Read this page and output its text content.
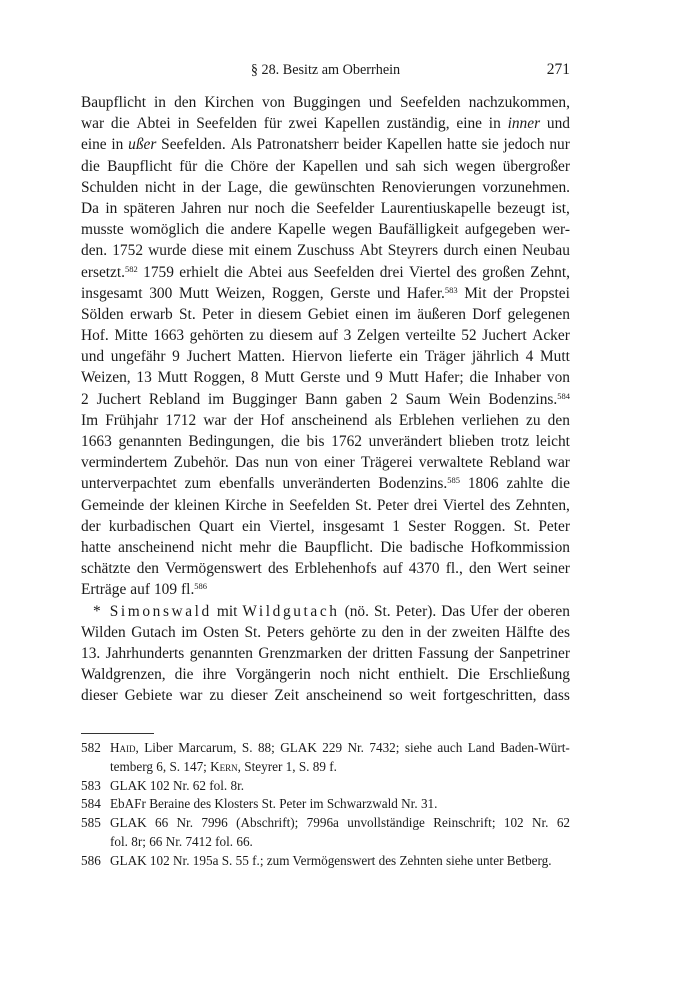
§ 28. Besitz am Oberrhein	271
Baupflicht in den Kirchen von Buggingen und Seefelden nachzukommen,
war die Abtei in Seefelden für zwei Kapellen zuständig, eine in inner und
eine in ußer Seefelden. Als Patronatsherr beider Kapellen hatte sie jedoch nur
die Baupflicht für die Chöre der Kapellen und sah sich wegen übergroßer
Schulden nicht in der Lage, die gewünschten Renovierungen vorzunehmen.
Da in späteren Jahren nur noch die Seefelder Laurentiuskapelle bezeugt ist,
musste womöglich die andere Kapelle wegen Baufälligkeit aufgegeben wer-
den. 1752 wurde diese mit einem Zuschuss Abt Steyrers durch einen Neubau
ersetzt.$^{582}$ 1759 erhielt die Abtei aus Seefelden drei Viertel des großen Zehnt,
insgesamt 300 Mutt Weizen, Roggen, Gerste und Hafer.$^{583}$ Mit der Propstei
Sölden erwarb St. Peter in diesem Gebiet einen im äußeren Dorf gelegenen
Hof. Mitte 1663 gehörten zu diesem auf 3 Zelgen verteilte 52 Juchert Acker
und ungefähr 9 Juchert Matten. Hiervon lieferte ein Träger jährlich 4 Mutt
Weizen, 13 Mutt Roggen, 8 Mutt Gerste und 9 Mutt Hafer; die Inhaber von
2 Juchert Rebland im Bugginger Bann gaben 2 Saum Wein Bodenzins.$^{584}$
Im Frühjahr 1712 war der Hof anscheinend als Erblehen verliehen zu den
1663 genannten Bedingungen, die bis 1762 unverändert blieben trotz leicht
vermindertem Zubehör. Das nun von einer Trägerei verwaltete Rebland war
unterverpachtet zum ebenfalls unveränderten Bodenzins.$^{585}$ 1806 zahlte die
Gemeinde der kleinen Kirche in Seefelden St. Peter drei Viertel des Zehnten,
der kurbadischen Quart ein Viertel, insgesamt 1 Sester Roggen. St. Peter
hatte anscheinend nicht mehr die Baupflicht. Die badische Hofkommission
schätzte den Vermögenswert des Erblehenhofs auf 4370 fl., den Wert seiner
Erträge auf 109 fl.$^{586}$
* Simonswald mit Wildgutach (nö. St. Peter). Das Ufer der oberen
Wilden Gutach im Osten St. Peters gehörte zu den in der zweiten Hälfte des
13. Jahrhunderts genannten Grenzmarken der dritten Fassung der Sanpetriner
Waldgrenzen, die ihre Vorgängerin noch nicht enthielt. Die Erschließung
dieser Gebiete war zu dieser Zeit anscheinend so weit fortgeschritten, dass
582 Haid, Liber Marcarum, S. 88; GLAK 229 Nr. 7432; siehe auch Land Baden-Würt-
temberg 6, S. 147; Kern, Steyrer 1, S. 89 f.
583 GLAK 102 Nr. 62 fol. 8r.
584 EbAFr Beraine des Klosters St. Peter im Schwarzwald Nr. 31.
585 GLAK 66 Nr. 7996 (Abschrift); 7996a unvollständige Reinschrift; 102 Nr. 62
fol. 8r; 66 Nr. 7412 fol. 66.
586 GLAK 102 Nr. 195a S. 55 f.; zum Vermögenswert des Zehnten siehe unter Betberg.
